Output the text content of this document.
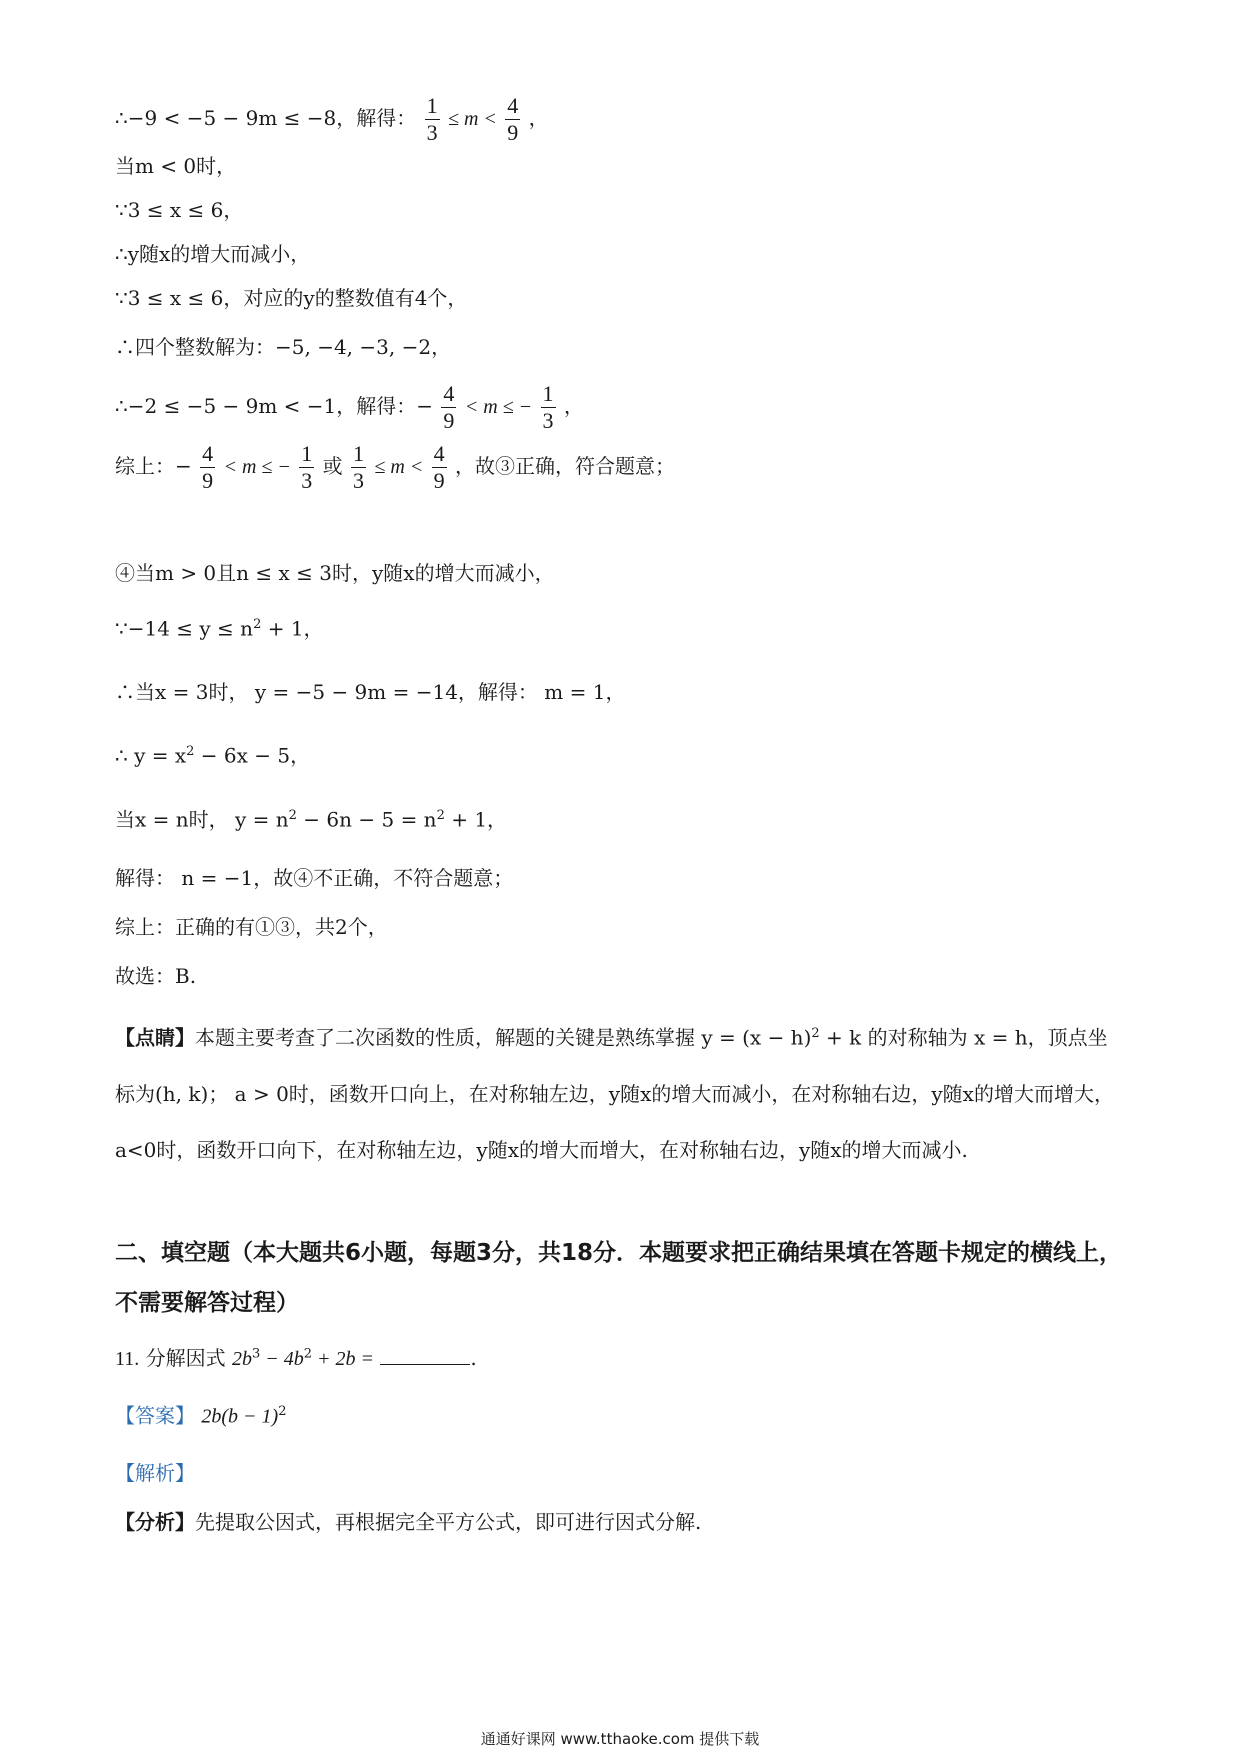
∴−9 < −5 − 9m ≤ −8，解得： $\frac{1}{3} \le m < \frac{4}{9}$ ，
当m < 0时，
∵3 ≤ x ≤ 6，
∴y随x的增大而减小，
∵3 ≤ x ≤ 6，对应的y的整数值有4个，
∴四个整数解为：−5, −4, −3, −2，
∴−2 ≤ −5 − 9m < −1，解得：− $\frac{4}{9} < m$ ≤ − $\frac{1}{3}$ ，
综上：− $\frac{4}{9} < m$ ≤ − $\frac{1}{3}$ 或 $\frac{1}{3} \le m < \frac{4}{9}$ ，故③正确，符合题意；
④当m > 0且n ≤ x ≤ 3时，y随x的增大而减小，
∵−14 ≤ $y \le n^2 + 1$，
∴当x = 3时， y = −5 − 9m = −14，解得： m = 1，
∴ $y = x^2 - 6x - 5$，
当x = n时， $y = n^2 - 6n - 5 = n^2 + 1$，
解得： n = −1，故④不正确，不符合题意；
综上：正确的有①③，共2个，
故选：B.
【点睛】本题主要考查了二次函数的性质，解题的关键是熟练掌握 $y = (x - h)^2 + k$ 的对称轴为 x = h，顶点坐标为(h, k)； a > 0时，函数开口向上，在对称轴左边，y随x的增大而减小，在对称轴右边，y随x的增大而增大， a<0时，函数开口向下，在对称轴左边，y随x的增大而增大，在对称轴右边，y随x的增大而减小.
二、填空题（本大题共6小题，每题3分，共18分．本题要求把正确结果填在答题卡规定的横线上，不需要解答过程）
11. 分解因式 $2b^3 - 4b^2 + 2b$ =	.
【答案】 $2b(b - 1)^2$
【解析】
【分析】先提取公因式，再根据完全平方公式，即可进行因式分解.
通通好课网 www.tthaoke.com 提供下载
